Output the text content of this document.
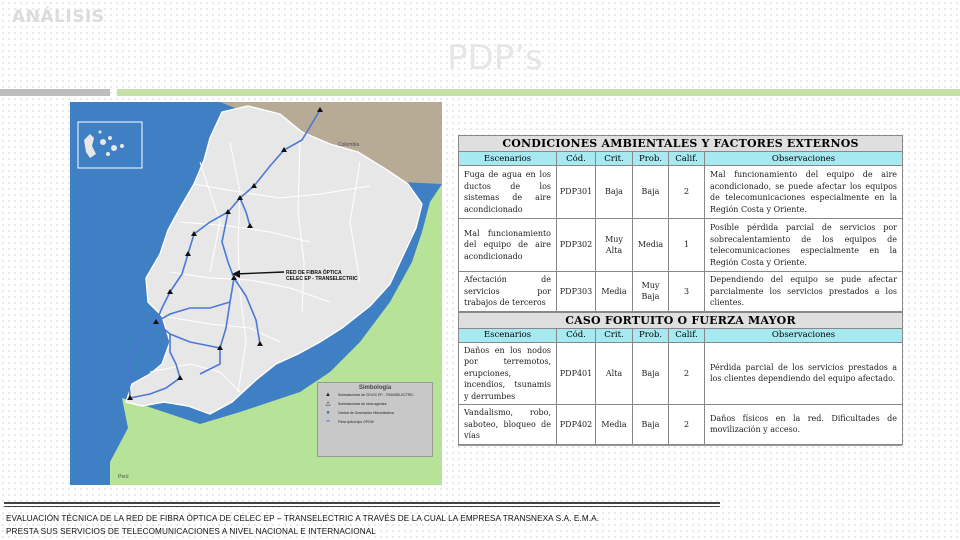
ANÁLISIS
PDP’s
RED DE FIBRA ÓPTICA
CELEC EP - TRANSELECTRIC
Colombia
Perú
Simbología
▲	Subestaciones de CELEC EP - TRANSELECTRIC
△	Subestaciones de otros agentes
●	Central de Generación Hidroeléctrica
━	Fibra óptica tipo OPGW
CONDICIONES AMBIENTALES Y FACTORES EXTERNOS					
Escenarios	Cód.	Crit.	Prob.	Calif.	Observaciones
Fuga de agua en los ductos de los sistemas de aire acondicionado	PDP301	Baja	Baja	2	Mal funcionamiento del equipo de aire acondicionado, se puede afectar los equipos de telecomunicaciones especialmente en la Región Costa y Oriente.
Mal funcionamiento del equipo de aire acondicionado	PDP302	Muy Alta	Media	1	Posible pérdida parcial de servicios por sobrecalentamiento de los equipos de telecomunicaciones especialmente en la Región Costa y Oriente.
Afectación de servicios por trabajos de terceros	PDP303	Media	Muy Baja	3	Dependiendo del equipo se pude afectar parcialmente los servicios prestados a los clientes.
CASO FORTUITO O FUERZA MAYOR					
Escenarios	Cód.	Crit.	Prob.	Calif.	Observaciones
Daños en los nodos por terremotos, erupciones, incendios, tsunamis y derrumbes	PDP401	Alta	Baja	2	Pérdida parcial de los servicios prestados a los clientes dependiendo del equipo afectado.
Vandalismo, robo, saboteo, bloqueo de vías	PDP402	Media	Baja	2	Daños físicos en la red. Dificultades de movilización y acceso.
EVALUACIÓN TÉCNICA DE LA RED DE FIBRA ÓPTICA DE CELEC EP – TRANSELECTRIC A TRAVÉS DE LA CUAL LA EMPRESA TRANSNEXA S.A. E.M.A.
PRESTA SUS SERVICIOS DE TELECOMUNICACIONES A NIVEL NACIONAL E INTERNACIONAL
